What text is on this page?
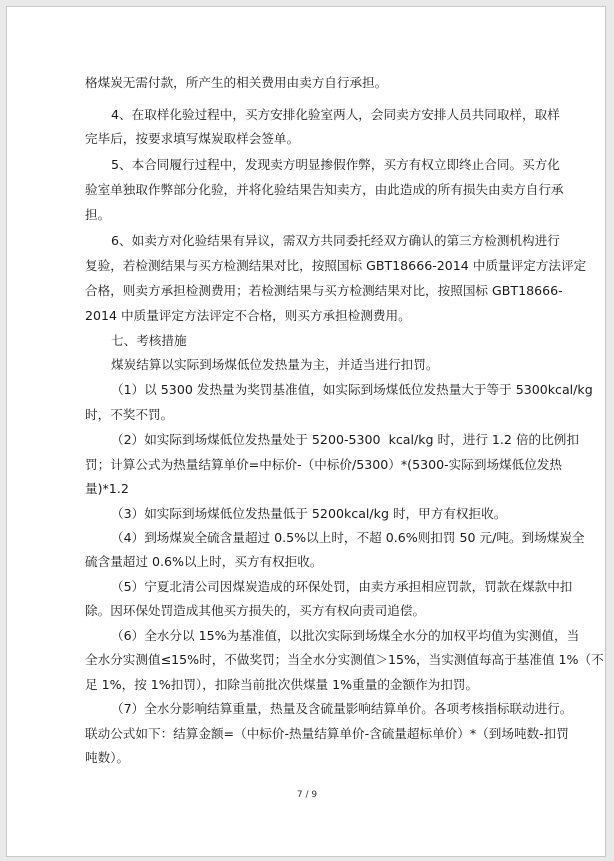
格煤炭无需付款，所产生的相关费用由卖方自行承担。
4、在取样化验过程中，买方安排化验室两人，会同卖方安排人员共同取样，取样
完毕后，按要求填写煤炭取样会签单。
5、本合同履行过程中，发现卖方明显掺假作弊，买方有权立即终止合同。买方化
验室单独取作弊部分化验，并将化验结果告知卖方，由此造成的所有损失由卖方自行承
担。
6、如卖方对化验结果有异议，需双方共同委托经双方确认的第三方检测机构进行
复验，若检测结果与买方检测结果对比，按照国标 GBT18666-2014 中质量评定方法评定
合格，则卖方承担检测费用；若检测结果与买方检测结果对比，按照国标 GBT18666-
2014 中质量评定方法评定不合格，则买方承担检测费用。
七、考核措施
煤炭结算以实际到场煤低位发热量为主，并适当进行扣罚。
（1）以 5300 发热量为奖罚基准值，如实际到场煤低位发热量大于等于 5300kcal/kg
时，不奖不罚。
（2）如实际到场煤低位发热量处于 5200-5300  kcal/kg 时，进行 1.2 倍的比例扣
罚；计算公式为热量结算单价=中标价-（中标价/5300）*(5300-实际到场煤低位发热
量)*1.2
（3）如实际到场煤低位发热量低于 5200kcal/kg 时，甲方有权拒收。
（4）到场煤炭全硫含量超过 0.5%以上时，不超 0.6%则扣罚 50 元/吨。到场煤炭全
硫含量超过 0.6%以上时，买方有权拒收。
（5）宁夏北清公司因煤炭造成的环保处罚，由卖方承担相应罚款，罚款在煤款中扣
除。因环保处罚造成其他买方损失的，买方有权向责司追偿。
（6）全水分以 15%为基准值，以批次实际到场煤全水分的加权平均值为实测值，当
全水分实测值≤15%时，不做奖罚；当全水分实测值＞15%，当实测值每高于基准值 1%（不
足 1%，按 1%扣罚），扣除当前批次供煤量 1%重量的金额作为扣罚。
（7）全水分影响结算重量，热量及含硫量影响结算单价。各项考核指标联动进行。
联动公式如下：结算金额=（中标价-热量结算单价-含硫量超标单价）*（到场吨数-扣罚
吨数）。
7 / 9
